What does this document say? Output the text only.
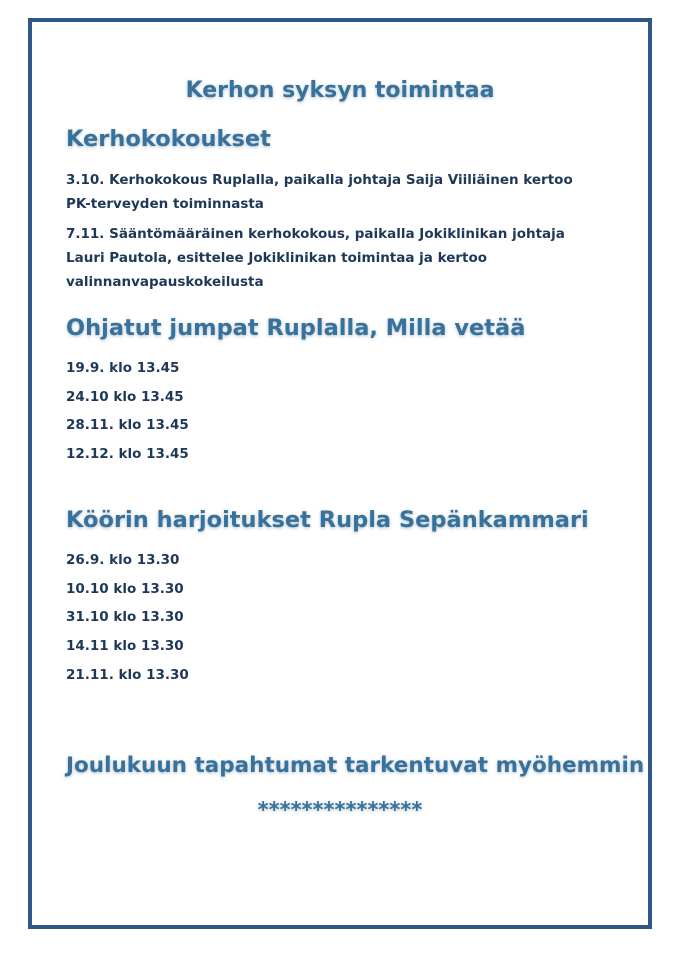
Kerhon syksyn toimintaa
Kerhokokoukset

3.10. Kerhokokous Ruplalla, paikalla johtaja Saija Viiliäinen kertoo PK-terveyden toiminnasta

7.11. Sääntömääräinen kerhokokous, paikalla Jokiklinikan johtaja Lauri Pautola, esittelee Jokiklinikan toimintaa ja kertoo valinnanvapauskokeilusta

Ohjatut jumpat Ruplalla, Milla vetää
19.9. klo 13.45
24.10 klo 13.45
28.11. klo 13.45
12.12. klo 13.45
Köörin harjoitukset Rupla Sepänkammari
26.9. klo 13.30
10.10 klo 13.30
31.10 klo 13.30
14.11 klo 13.30
21.11. klo 13.30
Joulukuun tapahtumat tarkentuvat myöhemmin
***************
